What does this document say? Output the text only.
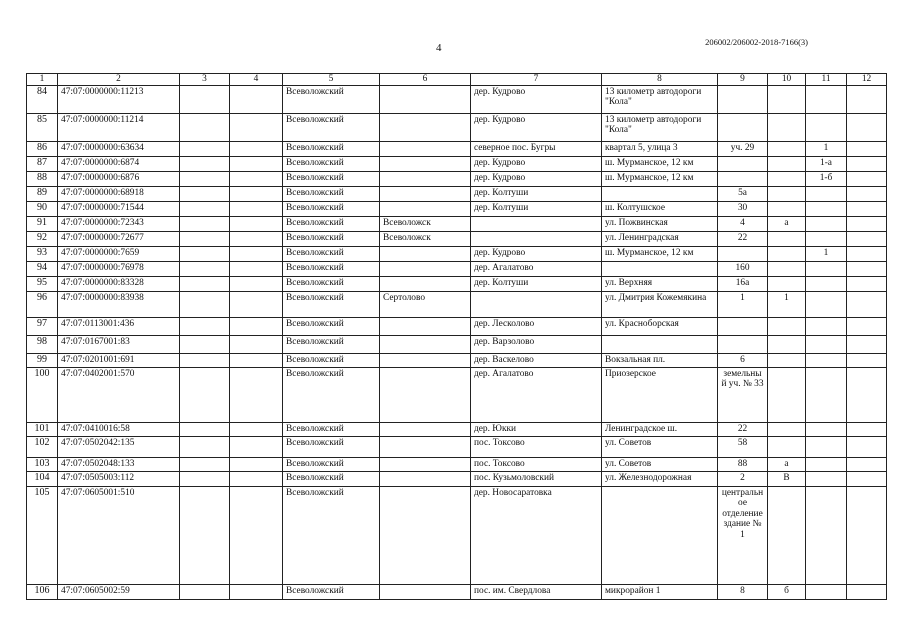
206002/206002-2018-7166(3)
4
1	2	3	4	5	6	7	8	9	10	11	12
84	47:07:0000000:11213			Всеволожский		дер. Кудрово	13 километр автодороги "Кола"				
85	47:07:0000000:11214			Всеволожский		дер. Кудрово	13 километр автодороги "Кола"				
86	47:07:0000000:63634			Всеволожский		северное пос. Бугры	квартал 5, улица 3	уч. 29		1	
87	47:07:0000000:6874			Всеволожский		дер. Кудрово	ш. Мурманское, 12 км			1-а	
88	47:07:0000000:6876			Всеволожский		дер. Кудрово	ш. Мурманское, 12 км			1-б	
89	47:07:0000000:68918			Всеволожский		дер. Колтуши		5а			
90	47:07:0000000:71544			Всеволожский		дер. Колтуши	ш. Колтушское	30			
91	47:07:0000000:72343			Всеволожский	Всеволожск		ул. Пожвинская	4	а		
92	47:07:0000000:72677			Всеволожский	Всеволожск		ул. Ленинградская	22			
93	47:07:0000000:7659			Всеволожский		дер. Кудрово	ш. Мурманское, 12 км			1	
94	47:07:0000000:76978			Всеволожский		дер. Агалатово		160			
95	47:07:0000000:83328			Всеволожский		дер. Колтуши	ул. Верхняя	16а			
96	47:07:0000000:83938			Всеволожский	Сертолово		ул. Дмитрия Кожемякина	1	1		
97	47:07:0113001:436			Всеволожский		дер. Лесколово	ул. Красноборская				
98	47:07:0167001:83			Всеволожский		дер. Варзолово					
99	47:07:0201001:691			Всеволожский		дер. Васкелово	Вокзальная пл.	6			
100	47:07:0402001:570			Всеволожский		дер. Агалатово	Приозерское	земельный уч. № 33			
101	47:07:0410016:58			Всеволожский		дер. Юкки	Ленинградское ш.	22			
102	47:07:0502042:135			Всеволожский		пос. Токсово	ул. Советов	58			
103	47:07:0502048:133			Всеволожский		пос. Токсово	ул. Советов	88	а		
104	47:07:0505003:112			Всеволожский		пос. Кузьмоловский	ул. Железнодорожная	2	В		
105	47:07:0605001:510			Всеволожский		дер. Новосаратовка		центральное отделение здание № 1			
106	47:07:0605002:59			Всеволожский		пос. им. Свердлова	микрорайон 1	8	б		
